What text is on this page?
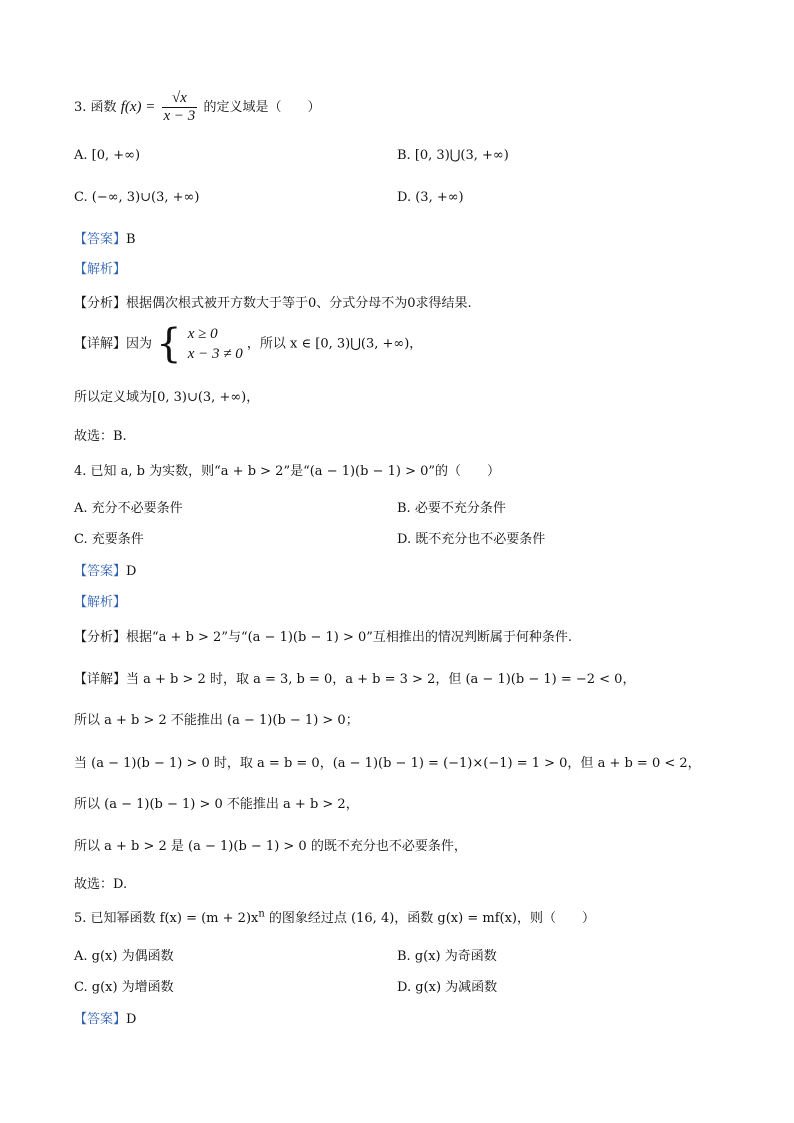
3. 函数 $f(x) = \frac{√x}{x - 3}$ 的定义域是（　　）
A. [0, +∞)	B. [0, 3)⋃(3, +∞)
C. (−∞, 3)∪(3, +∞)	D. (3, +∞)
【答案】B
【解析】
【分析】根据偶次根式被开方数大于等于0、分式分母不为0求得结果.
【详解】因为 { x ≥ 0
x − 3 ≠ 0
，所以 x ∈ [0, 3)⋃(3, +∞)，
所以定义域为[0, 3)∪(3, +∞)，
故选：B.
4. 已知 a, b 为实数，则“a + b > 2”是“(a − 1)(b − 1) > 0”的（　　）
A. 充分不必要条件	B. 必要不充分条件
C. 充要条件	D. 既不充分也不必要条件
【答案】D
【解析】
【分析】根据“a + b > 2”与“(a − 1)(b − 1) > 0”互相推出的情况判断属于何种条件.
【详解】当 a + b > 2 时，取 a = 3, b = 0，a + b = 3 > 2，但 (a − 1)(b − 1) = −2 < 0，
所以 a + b > 2 不能推出 (a − 1)(b − 1) > 0；
当 (a − 1)(b − 1) > 0 时，取 a = b = 0，(a − 1)(b − 1) = (−1)×(−1) = 1 > 0，但 a + b = 0 < 2，
所以 (a − 1)(b − 1) > 0 不能推出 a + b > 2，
所以 a + b > 2 是 (a − 1)(b − 1) > 0 的既不充分也不必要条件，
故选：D.
5. 已知幂函数 $f(x) = (m + 2)x^n$ 的图象经过点 (16, 4)，函数 g(x) = mf(x)，则（　　）
A. g(x) 为偶函数	B. g(x) 为奇函数
C. g(x) 为增函数	D. g(x) 为减函数
【答案】D
